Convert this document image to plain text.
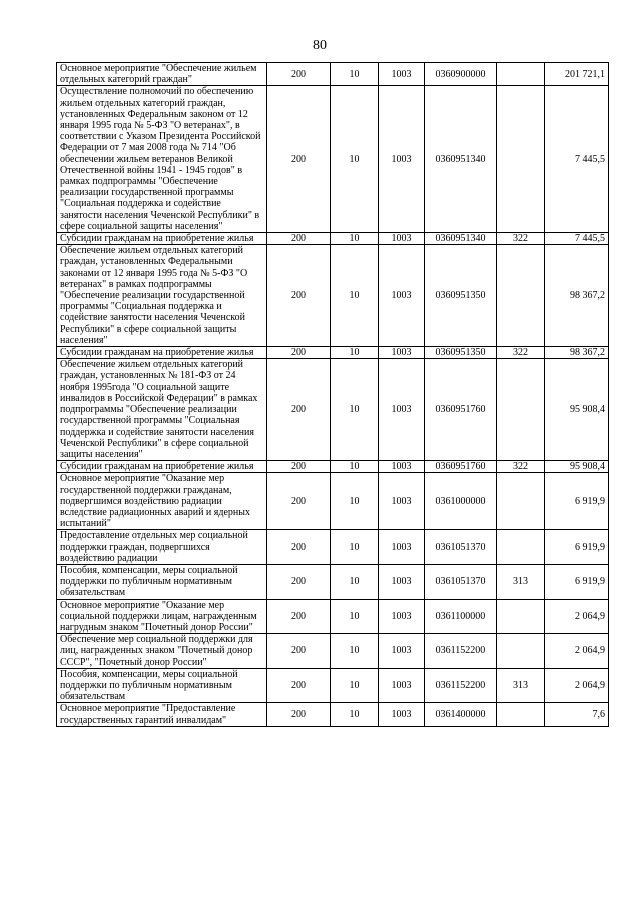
80
Основное мероприятие "Обеспечение жильем отдельных категорий граждан"	200	10	1003	0360900000		201 721,1
Осуществление полномочий по обеспечению жильем отдельных категорий граждан, установленных Федеральным законом от 12 января 1995 года № 5-ФЗ "О ветеранах", в соответствии с Указом Президента Российской Федерации от 7 мая 2008 года № 714 "Об обеспечении жильем ветеранов Великой Отечественной войны 1941 - 1945 годов" в рамках подпрограммы "Обеспечение реализации государственной программы "Социальная поддержка и содействие занятости населения Чеченской Республики" в сфере социальной защиты населения"	200	10	1003	0360951340		7 445,5
Субсидии гражданам на приобретение жилья	200	10	1003	0360951340	322	7 445,5
Обеспечение жильем отдельных категорий граждан, установленных Федеральными законами от 12 января 1995 года № 5-ФЗ "О ветеранах" в рамках подпрограммы "Обеспечение реализации государственной программы "Социальная поддержка и содействие занятости населения Чеченской Республики" в сфере социальной защиты населения"	200	10	1003	0360951350		98 367,2
Субсидии гражданам на приобретение жилья	200	10	1003	0360951350	322	98 367,2
Обеспечение жильем отдельных категорий граждан, установленных № 181-ФЗ от 24 ноября 1995года "О социальной защите инвалидов в Российской Федерации" в рамках подпрограммы "Обеспечение реализации государственной программы "Социальная поддержка и содействие занятости населения Чеченской Республики" в сфере социальной защиты населения"	200	10	1003	0360951760		95 908,4
Субсидии гражданам на приобретение жилья	200	10	1003	0360951760	322	95 908,4
Основное мероприятие "Оказание мер государственной поддержки гражданам, подвергшимся воздействию радиации вследствие радиационных аварий и ядерных испытаний"	200	10	1003	0361000000		6 919,9
Предоставление отдельных мер социальной поддержки граждан, подвергшихся воздействию радиации	200	10	1003	0361051370		6 919,9
Пособия, компенсации, меры социальной поддержки по публичным нормативным обязательствам	200	10	1003	0361051370	313	6 919,9
Основное мероприятие "Оказание мер социальной поддержки лицам, награжденным нагрудным знаком "Почетный донор России"	200	10	1003	0361100000		2 064,9
Обеспечение мер социальной поддержки для лиц, награжденных знаком "Почетный донор СССР", "Почетный донор России"	200	10	1003	0361152200		2 064,9
Пособия, компенсации, меры социальной поддержки по публичным нормативным обязательствам	200	10	1003	0361152200	313	2 064,9
Основное мероприятие "Предоставление государственных гарантий инвалидам"	200	10	1003	0361400000		7,6
